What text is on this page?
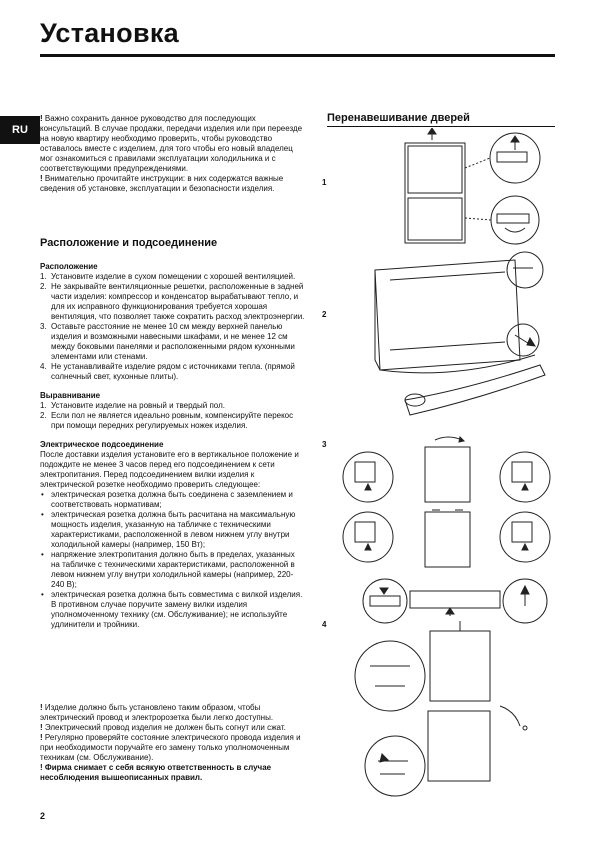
Установка
RU

! Важно сохранить данное руководство для последующих консультаций. В случае продажи, передачи изделия или при переезде на новую квартиру необходимо проверить, чтобы руководство оставалось вместе с изделием, для того чтобы его новый владелец мог ознакомиться с правилами эксплуатации холодильника и с соответствующими предупреждениями.

! Внимательно прочитайте инструкции: в них содержатся важные сведения об установке, эксплуатации и безопасности изделия.

Расположение и подсоединение

Расположение

1. Установите изделие в сухом помещении с хорошей вентиляцией.
2. Не закрывайте вентиляционные решетки, расположенные в задней части изделия: компрессор и конденсатор вырабатывают тепло, и для их исправного функционирования требуется хорошая вентиляция, что позволяет также сократить расход электроэнергии.
3. Оставьте расстояние не менее 10 см между верхней панелью изделия и возможными навесными шкафами, и не менее 12 см между боковыми панелями и расположенными рядом кухонными элементами или стенами.
4. Не устанавливайте изделие рядом с источниками тепла. (прямой солнечный свет, кухонные плиты).

Выравнивание

1. Установите изделие на ровный и твердый пол.
2. Если пол не является идеально ровным, компенсируйте перекос при помощи передних регулируемых ножек изделия.

Электрическое подсоединение

После доставки изделия установите его в вертикальное положение и подождите не менее 3 часов перед его подсоединением к сети электропитания. Перед подсоединением вилки изделия к электрической розетке необходимо проверить следующее:

• электрическая розетка должна быть соединена с заземлением и соответствовать нормативам;
• электрическая розетка должна быть расчитана на максимальную мощность изделия, указанную на табличке с техническими характеристиками, расположенной в левом нижнем углу внутри холодильной камеры (например, 150 Вт);
• напряжение электропитания должно быть в пределах, указанных на табличке с техническими характеристиками, расположенной в левом нижнем углу внутри холодильной камеры (например, 220-240 В);
• электрическая розетка должна быть совместима с вилкой изделия.

В противном случае поручите замену вилки изделия уполномоченному технику (см. Обслуживание); не используйте удлинители и тройники.

! Изделие должно быть установлено таким образом, чтобы электрический провод и электророзетка были легко доступны.

! Электрический провод изделия не должен быть согнут или сжат.

! Регулярно проверяйте состояние электрического провода изделия и при необходимости поручайте его замену только уполномоченным техникам (см. Обслуживание).

! Фирма снимает с себя всякую ответственность в случае несоблюдения вышеописанных правил.

Перенавешивание дверей

1
2
3
4
2
